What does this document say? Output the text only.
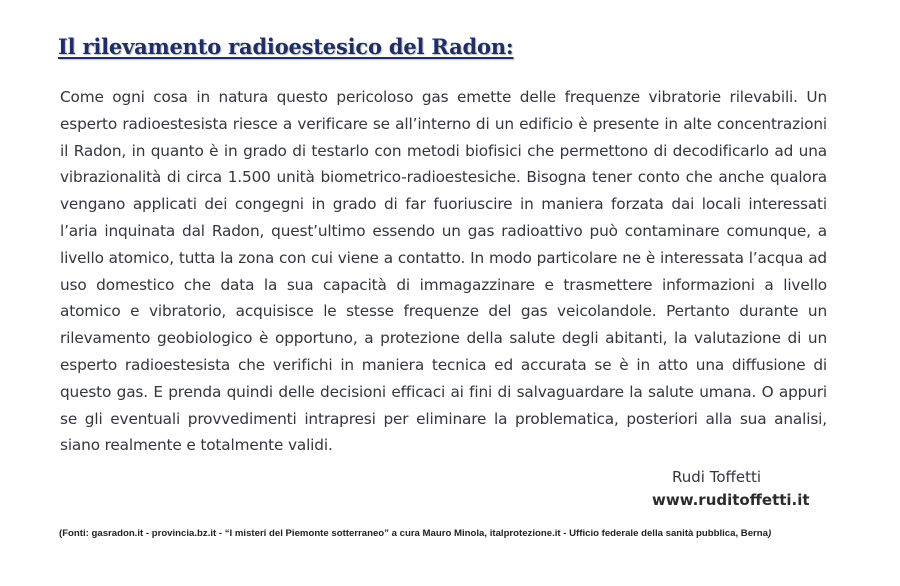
Il rilevamento radioestesico del Radon:

Come ogni cosa in natura questo pericoloso gas emette delle frequenze vibratorie rilevabili. Un esperto radioestesista riesce a verificare se all’interno di un edificio è presente in alte concentrazioni il Radon, in quanto è in grado di testarlo con metodi biofisici che permettono di decodificarlo ad una vibrazionalità di circa 1.500 unità biometrico-radioestesiche. Bisogna tener conto che anche qualora vengano applicati dei congegni in grado di far fuoriuscire in maniera forzata dai locali interessati l’aria inquinata dal Radon, quest’ultimo essendo un gas radioattivo può contaminare comunque, a livello atomico, tutta la zona con cui viene a contatto. In modo particolare ne è interessata l’acqua ad uso domestico che data la sua capacità di immagazzinare e trasmettere informazioni a livello atomico e vibratorio, acquisisce le stesse frequenze del gas veicolandole. Pertanto durante un rilevamento geobiologico è opportuno, a protezione della salute degli abitanti, la valutazione di un esperto radioestesista che verifichi in maniera tecnica ed accurata se è in atto una diffusione di questo gas. E prenda quindi delle decisioni efficaci ai fini di salvaguardare la salute umana. O appuri se gli eventuali provvedimenti intrapresi per eliminare la problematica, posteriori alla sua analisi, siano realmente e totalmente validi.

Rudi Toffetti

www.ruditoffetti.it

(Fonti: gasradon.it - provincia.bz.it - “I misteri del Piemonte sotterraneo” a cura Mauro Minola, italprotezione.it - Ufficio federale della sanità pubblica, Berna)
